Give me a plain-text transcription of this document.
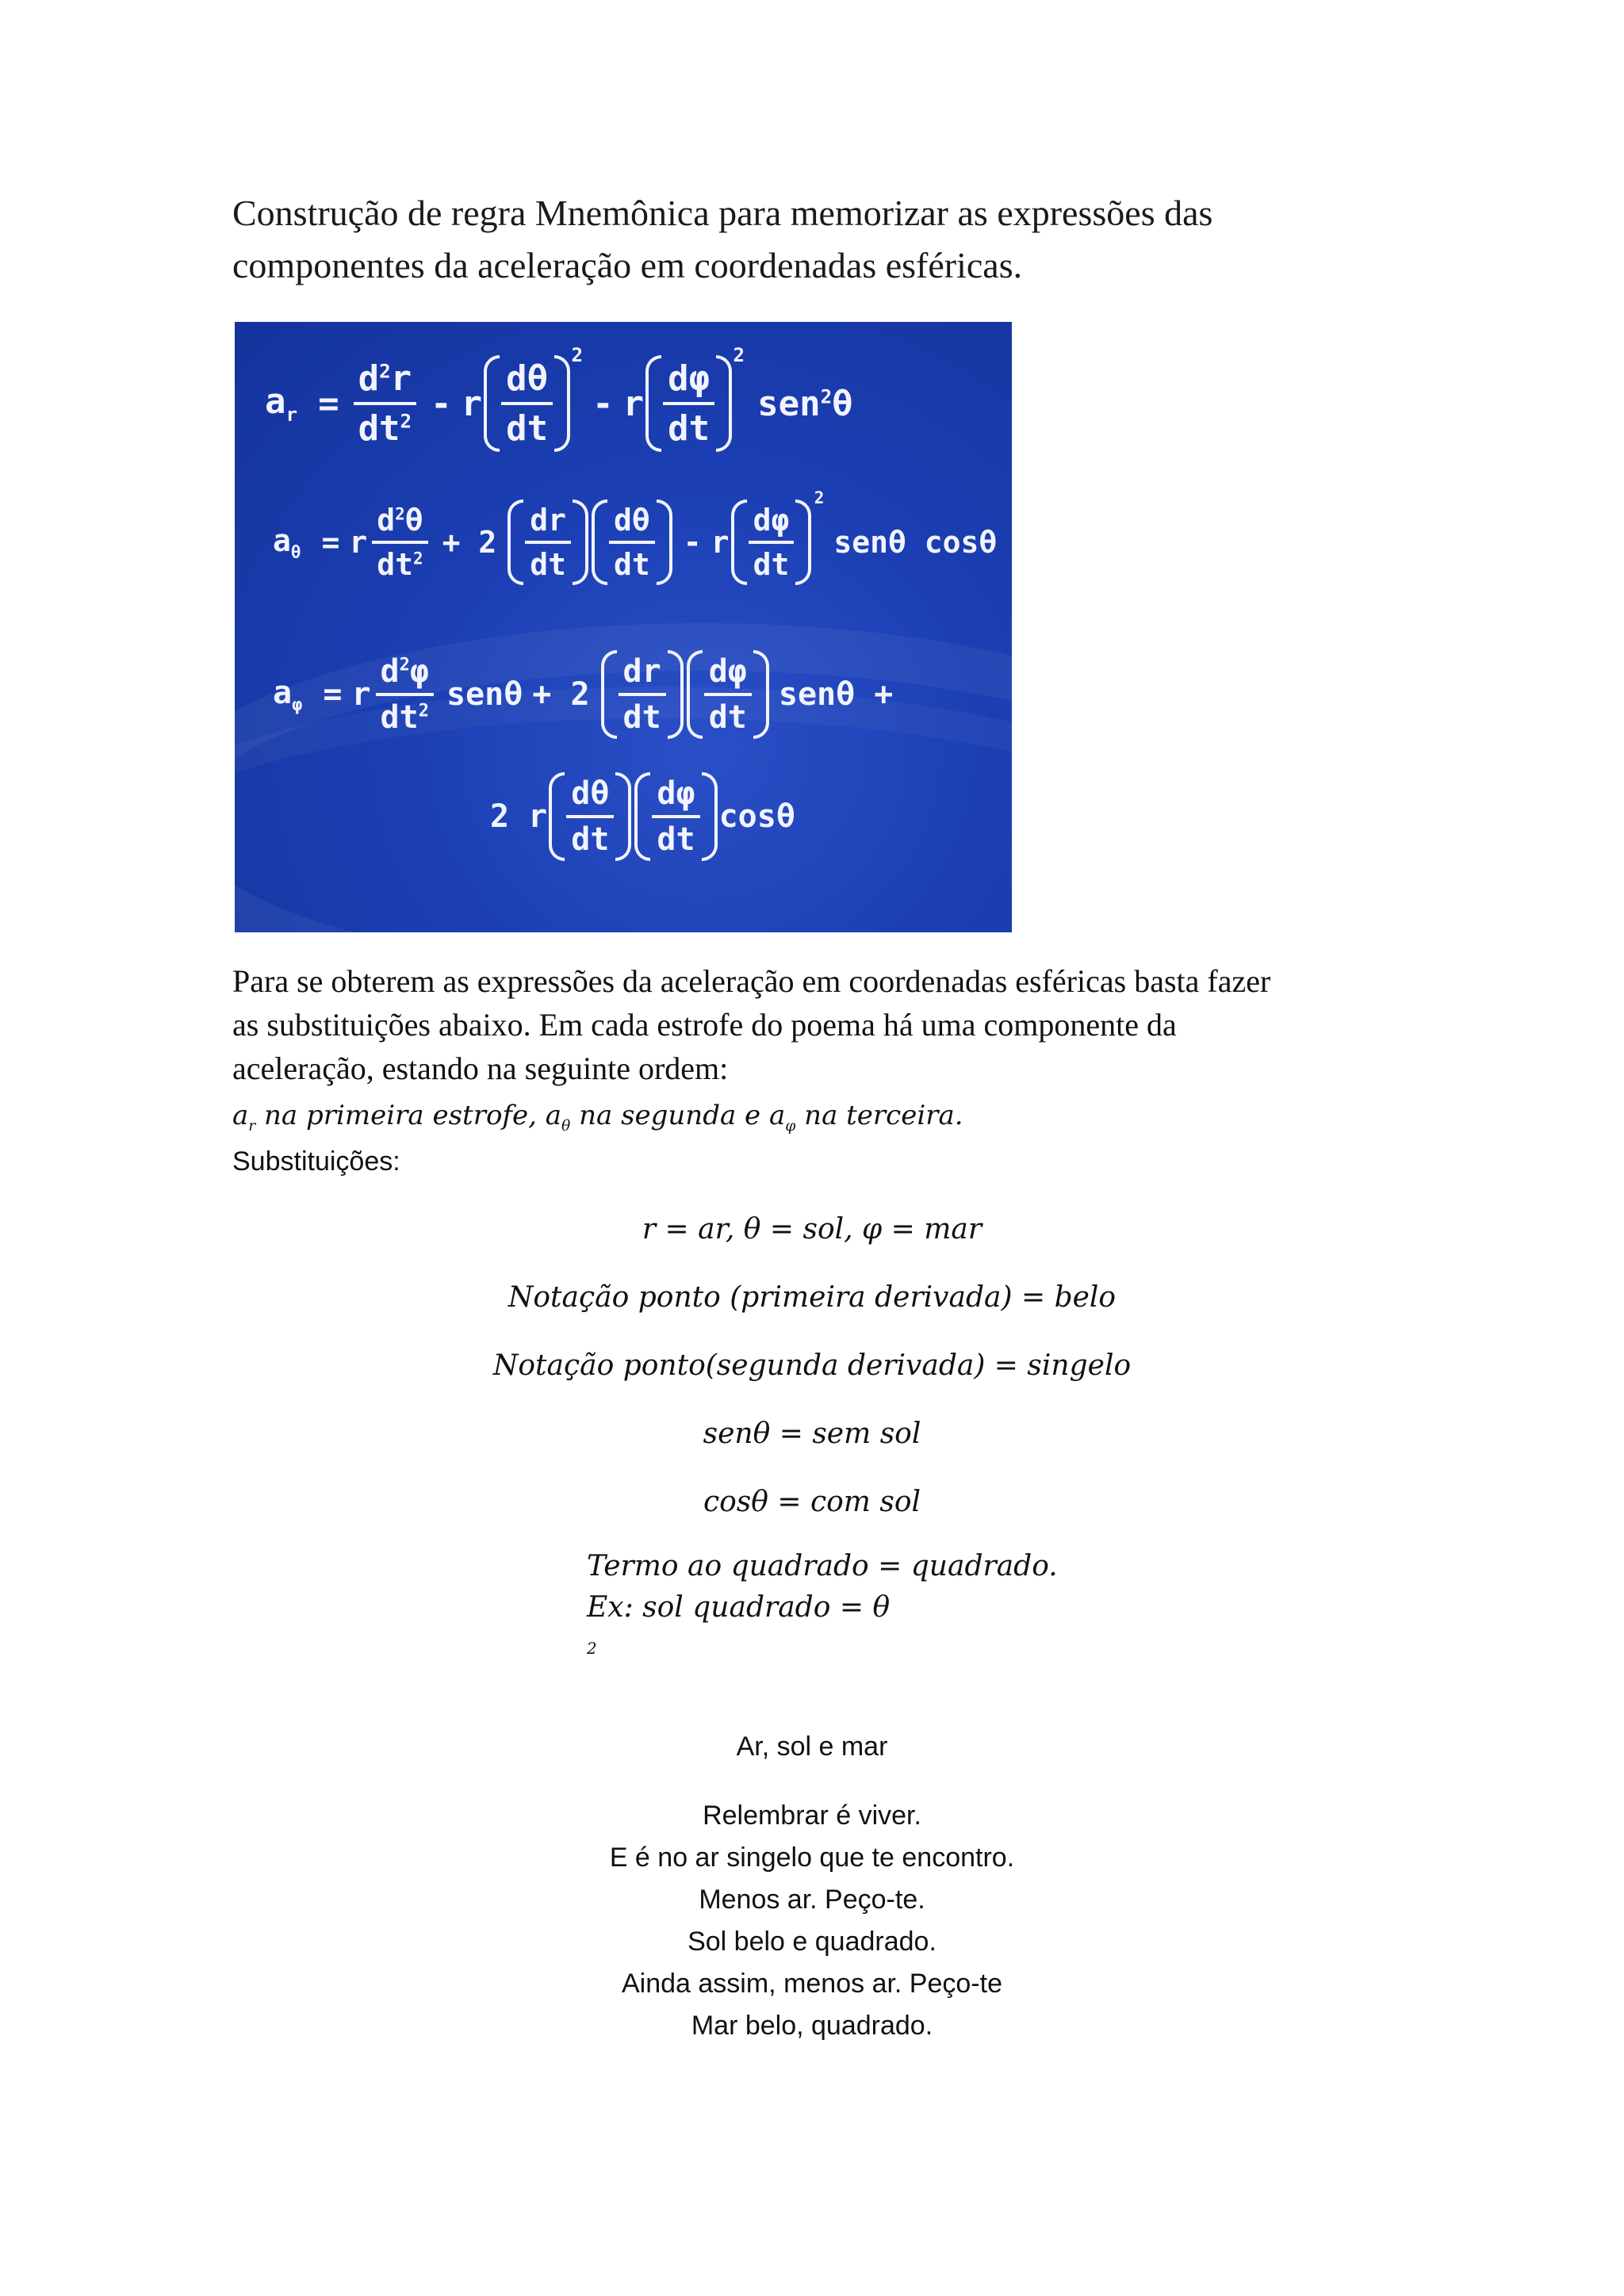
Construção de regra Mnemônica para memorizar as expressões das
componentes da aceleração em coordenadas esféricas.
$a_r = \frac{d^2r}{dt^2} - r \frac{d\theta}{dt}$
$^2$
- r $\frac{d\varphi}{dt}$
$^2$
sen$^2$θ
$a_\theta = r \frac{d^2\theta}{dt^2} + 2 \frac{dr}{dt} \frac{d\theta}{dt} - r \frac{d\varphi}{dt}$
$^2$
senθ cosθ
$a_\varphi = r \frac{d^2\varphi}{dt^2}$ $sen\theta + 2 \frac{dr}{dt} \frac{d\varphi}{dt}$ senθ +
2 r $\frac{d\theta}{dt} \frac{d\varphi}{dt}$ cosθ
Para se obterem as expressões da aceleração em coordenadas esféricas basta fazer
as substituições abaixo. Em cada estrofe do poema há uma componente da
aceleração, estando na seguinte ordem:
$a_r$ na primeira estrofe, $a_\theta$ na segunda e $a_\varphi$ na terceira.
Substituições:
r = ar, θ = sol, φ = mar
Notação ponto (primeira derivada) = belo
Notação ponto(segunda derivada) = singelo
senθ = sem sol
cosθ = com sol
Termo ao quadrado = quadrado.
Ex: sol quadrado = θ
$^2$
Ar, sol e mar
Relembrar é viver.
E é no ar singelo que te encontro.
Menos ar. Peço-te.
Sol belo e quadrado.
Ainda assim, menos ar. Peço-te
Mar belo, quadrado.
